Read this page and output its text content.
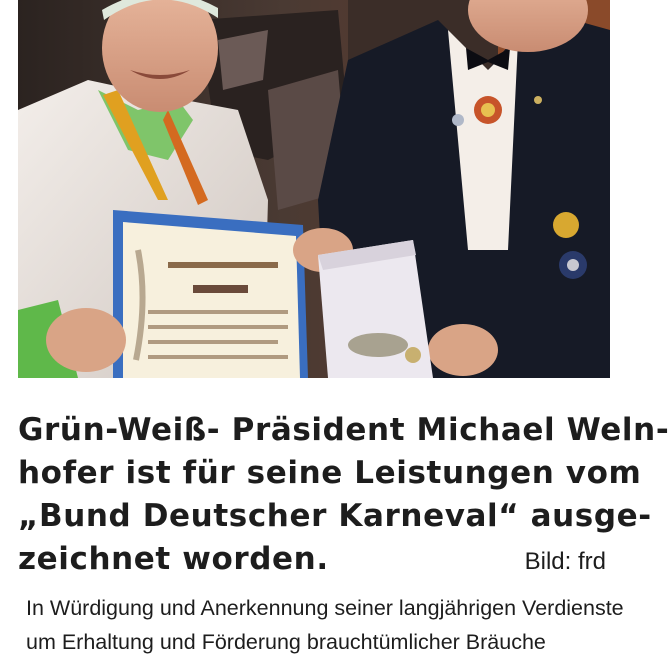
Grün-Weiß- Präsident Michael Weln-
hofer ist für seine Leistungen vom
„Bund Deutscher Karneval“ ausge-
zeichnet worden.	Bild: frd
In Würdigung und Anerkennung seiner langjährigen Verdienste
um Erhaltung und Förderung brauchtümlicher Bräuche
